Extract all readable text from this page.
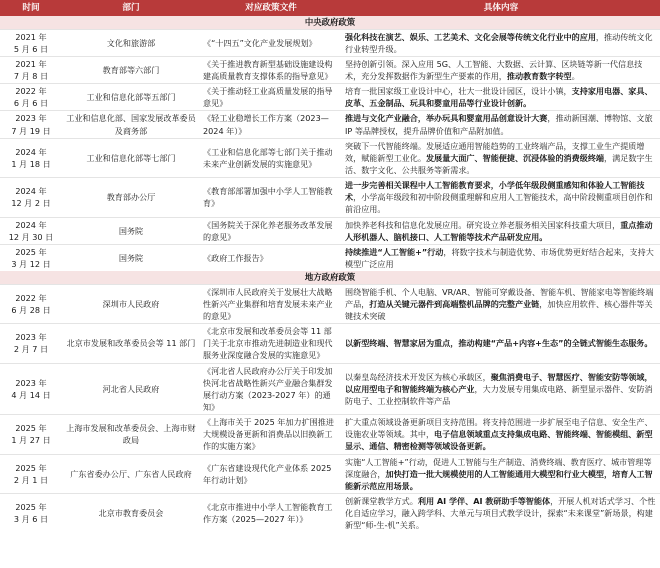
时间	部门	对应政策文件	具体内容
中央政府政策			
2021 年
5 月 6 日	文化和旅游部	《“十四五”文化产业发展规划》	强化科技在演艺、娱乐、工艺美术、文化会展等传统文化行业中的应用，推动传统文化行业转型升级。
2021 年
7 月 8 日	教育部等六部门	《关于推进教育新型基础设施建设构建高质量教育支撑体系的指导意见》	坚持创新引领。深入应用 5G、人工智能、大数据、云计算、区块链等新一代信息技术，充分发挥数据作为新型生产要素的作用，推动教育数字转型。
2022 年
6 月 6 日	工业和信息化部等五部门	《关于推动轻工业高质量发展的指导意见》	培育一批国家级工业设计中心，壮大一批设计园区，设计小镇，支持家用电器、家具、皮革、五金制品、玩具和婴童用品等行业设计创新。
2023 年
7 月 19 日	工业和信息化部、国家发展改革委员及商务部	《轻工业稳增长工作方案（2023—2024 年）》	推进与文化产业融合，举办玩具和婴童用品创意设计大赛，推动新国潮、博物馆、文旅 IP 等品牌授权，提升品牌价值和产品附加值。
2024 年
1 月 18 日	工业和信息化部等七部门	《工业和信息化部等七部门关于推动未来产业创新发展的实施意见》	突破下一代智能终端。发展适应通用智能趋势的工业终端产品，支撑工业生产提质增效，赋能新型工业化。发展量大面广、智能便捷、沉浸体验的消费级终端，满足数字生活、数字文化、公共服务等新需求。
2024 年
12 月 2 日	教育部办公厅	《教育部部署加强中小学人工智能教育》	进一步完善相关课程中人工智能教育要求，小学低年级段侧重感知和体验人工智能技术，小学高年级段和初中阶段侧重理解和应用人工智能技术，高中阶段侧重项目创作和前沿应用。
2024 年
12 月 30 日	国务院	《国务院关于深化养老服务改革发展的意见》	加快养老科技和信息化发展应用。研究设立养老服务相关国家科技重大项目，重点推动人形机器人、脑机接口、人工智能等技术产品研发应用。
2025 年
3 月 12 日	国务院	《政府工作报告》	持续推进“人工智能+”行动，将数字技术与制造优势、市场优势更好结合起来，支持大模型广泛应用
地方政府政策			
2022 年
6 月 28 日	深圳市人民政府	《深圳市人民政府关于发展壮大战略性新兴产业集群和培育发展未来产业的意见》	围绕智能手机、个人电脑、VR/AR、智能可穿戴设备、智能车机、智能家电等智能终端产品，打造从关键元器件到高端整机品牌的完整产业链，加快应用软件、核心器件等关键技术突破
2023 年
2 月 7 日	北京市发展和改革委员会等 11 部门	《北京市发展和改革委员会等 11 部门关于北京市推动先进制造业和现代服务业深度融合发展的实施意见》	以新型终端、智慧家居为重点，推动构建“产品+内容+生态”的全链式智能生态服务。
2023 年
4 月 14 日	河北省人民政府	《河北省人民政府办公厅关于印发加快河北省战略性新兴产业融合集群发展行动方案（2023-2027 年）的通知》	以秦皇岛经济技术开发区为核心承载区，聚焦消费电子、智慧医疗、智能安防等领域，以应用型电子和智能终端为核心产业，大力发展专用集成电路、新型显示器件、安防消防电子、工业控制软件等产品
2025 年
1 月 27 日	上海市发展和改革委员会、上海市财政局	《上海市关于 2025 年加力扩围推进大规模设备更新和消费品以旧换新工作的实施方案》	扩大重点领域设备更新项目支持范围。将支持范围进一步扩展至电子信息、安全生产、设施农业等领域。其中，电子信息领域重点支持集成电路、智能终端、智能模组、新型显示、通信、精密检测等领域设备更新。
2025 年
2 月 1 日	广东省委办公厅、广东省人民政府	《广东省建设现代化产业体系 2025 年行动计划》	实施“人工智能+”行动，促进人工智能与生产制造、消费终端、教育医疗、城市管理等深度融合，加快打造一批大规模使用的人工智能通用大模型和行业大模型，培育人工智能新示范应用场景。
2025 年
3 月 6 日	北京市教育委员会	《北京市推进中小学人工智能教育工作方案（2025—2027 年）》	创新课堂教学方式。利用 AI 学伴、AI 教研助手等智能体，开展人机对话式学习、个性化自适应学习，融入跨学科、大单元与项目式教学设计，探索“未来课堂”新场景，构建新型“师-生-机”关系。
